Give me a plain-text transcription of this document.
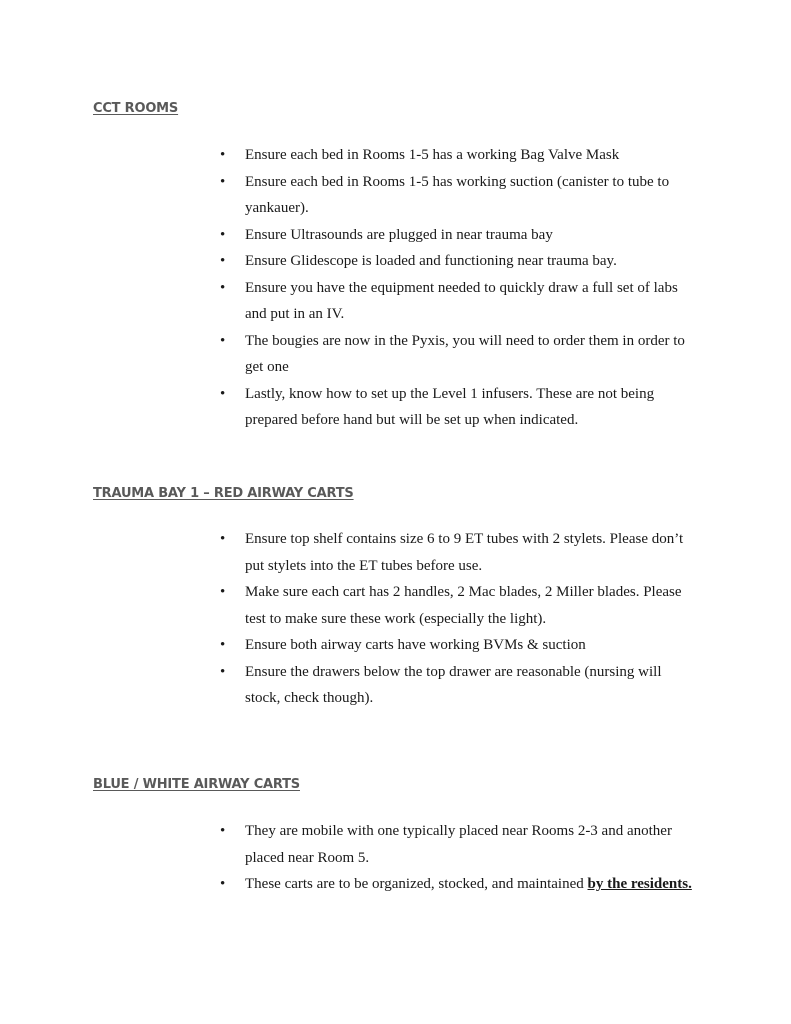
CCT ROOMS
• Ensure each bed in Rooms 1-5 has a working Bag Valve Mask
• Ensure each bed in Rooms 1-5 has working suction (canister to tube to yankauer).
• Ensure Ultrasounds are plugged in near trauma bay
• Ensure Glidescope is loaded and functioning near trauma bay.
• Ensure you have the equipment needed to quickly draw a full set of labs and put in an IV.
• The bougies are now in the Pyxis, you will need to order them in order to get one
• Lastly, know how to set up the Level 1 infusers. These are not being prepared before hand but will be set up when indicated.
TRAUMA BAY 1 – RED AIRWAY CARTS
• Ensure top shelf contains size 6 to 9 ET tubes with 2 stylets. Please don’t put stylets into the ET tubes before use.
• Make sure each cart has 2 handles, 2 Mac blades, 2 Miller blades. Please test to make sure these work (especially the light).
• Ensure both airway carts have working BVMs & suction
• Ensure the drawers below the top drawer are reasonable (nursing will stock, check though).
BLUE / WHITE AIRWAY CARTS
• They are mobile with one typically placed near Rooms 2-3 and another placed near Room 5.
• These carts are to be organized, stocked, and maintained by the residents.
